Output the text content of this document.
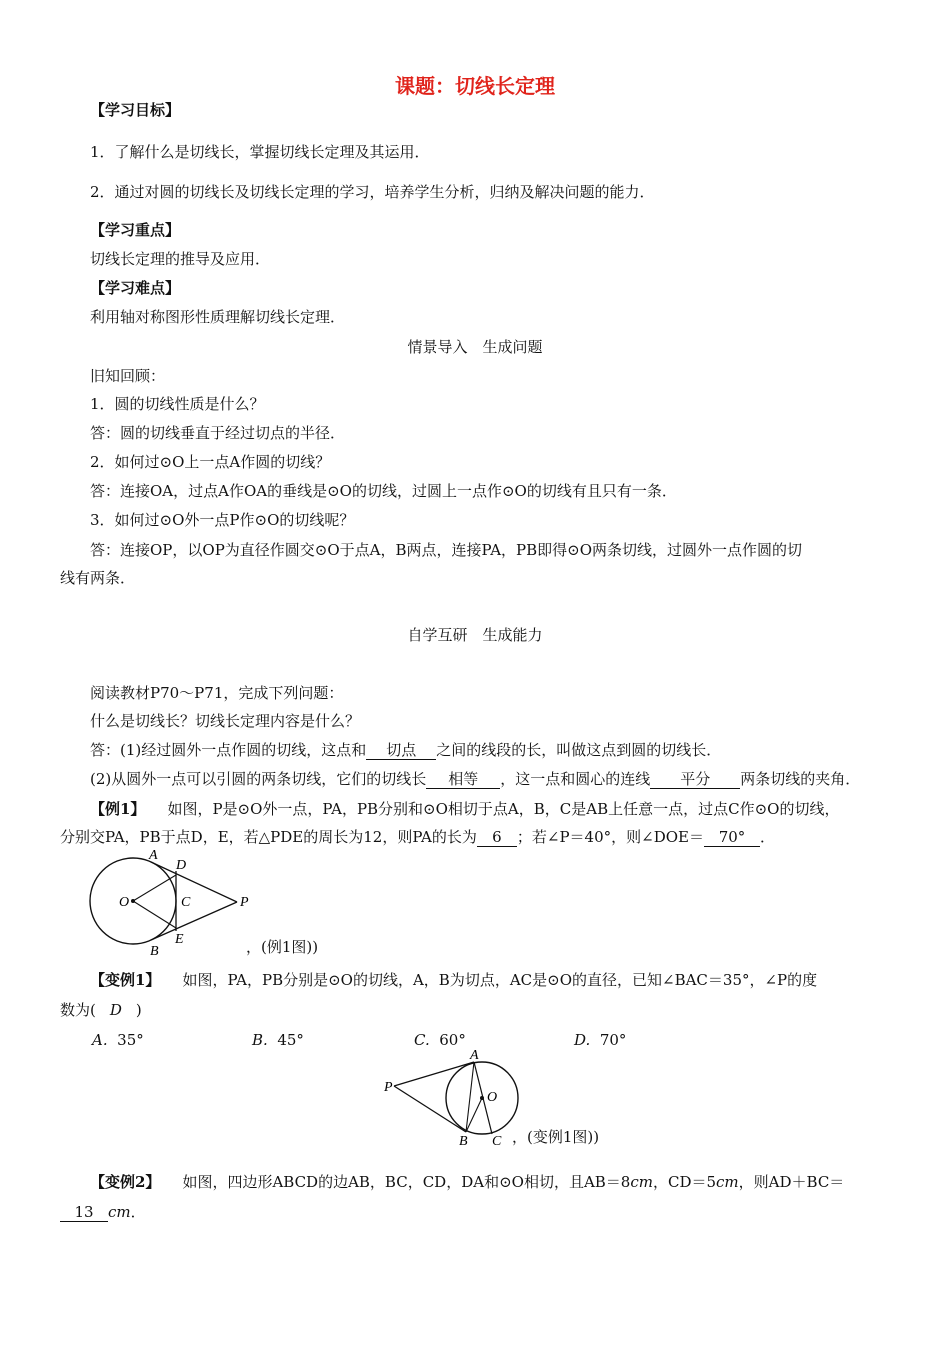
课题：切线长定理
【学习目标】
1．了解什么是切线长，掌握切线长定理及其运用．
2．通过对圆的切线长及切线长定理的学习，培养学生分析，归纳及解决问题的能力．
【学习重点】
切线长定理的推导及应用．
【学习难点】
利用轴对称图形性质理解切线长定理．
情景导入　生成问题
旧知回顾：
1．圆的切线性质是什么？
答：圆的切线垂直于经过切点的半径．
2．如何过⊙O上一点A作圆的切线？
答：连接OA，过点A作OA的垂线是⊙O的切线，过圆上一点作⊙O的切线有且只有一条．
3．如何过⊙O外一点P作⊙O的切线呢？
答：连接OP，以OP为直径作圆交⊙O于点A，B两点，连接PA，PB即得⊙O两条切线，过圆外一点作圆的切
线有两条．
自学互研　生成能力
阅读教材P70～P71，完成下列问题：
什么是切线长？切线长定理内容是什么？
答：(1)经过圆外一点作圆的切线，这点和 切点 之间的线段的长，叫做这点到圆的切线长．
(2)从圆外一点可以引圆的两条切线，它们的切线长 相等 ，这一点和圆心的连线 平分 两条切线的夹角．
【例1】 如图，P是⊙O外一点，PA，PB分别和⊙O相切于点A，B，C是AB上任意一点，过点C作⊙O的切线，
分别交PA，PB于点D，E，若△PDE的周长为12，则PA的长为 6 ；若∠P＝40°，则∠DOE＝ 70° ．
A
D
O	C	P
E
B	，(例1图))
【变例1】 如图，PA，PB分别是⊙O的切线，A，B为切点，AC是⊙O的直径，已知∠BAC＝35°，∠P的度
数为( D )
A. 35°	B. 45°	C. 60°	D. 70°
A
P
O
B C ，(变例1图))
【变例2】 如图，四边形ABCD的边AB，BC，CD，DA和⊙O相切，且AB＝8cm，CD＝5cm，则AD＋BC＝
13 cm．
